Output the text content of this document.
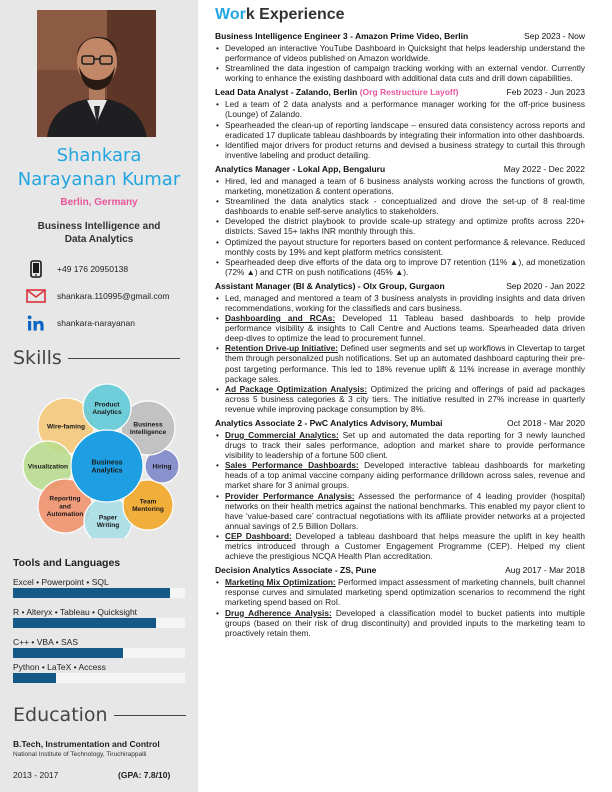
Shankara
Narayanan Kumar
Berlin, Germany
Business Intelligence and
Data Analytics
+49 176 20950138
shankara.110995@gmail.com
shankara-narayanan
Skills
Wire-faming
Visualization
Reporting
and
Automation Paper
Writing
Team
Mentoring
Hiring
Business
Intelligence
Product
Analytics
Business
Analytics
Tools and Languages
Excel • Powerpoint • SQL
R • Alteryx • Tableau • Quicksight
C++ • VBA • SAS
Python • LaTeX • Access
Education
B.Tech, Instrumentation and Control
National Institute of Technology, Tiruchirappalli
2013 - 2017	(GPA: 7.8/10)
Work Experience
Business Intelligence Engineer 3 - Amazon Prime Video, Berlin	Sep 2023 - Now
• Developed an interactive YouTube Dashboard in Quicksight that helps leadership understand the performance of videos published on Amazon worldwide.
• Streamlined the data ingestion of campaign tracking working with an external vendor. Currently working to enhance the existing dashboard with additional data cuts and drill down capabilities.
Lead Data Analyst - Zalando, Berlin (Org Restructure Layoff)	Feb 2023 - Jun 2023
• Led a team of 2 data analysts and a performance manager working for the off-price business (Lounge) of Zalando.
• Spearheaded the clean-up of reporting landscape – ensured data consistency across reports and eradicated 17 duplicate tableau dashboards by integrating their information into other dashboards.
• Identified major drivers for product returns and devised a business strategy to curtail this through inventive labeling and product detailing.
Analytics Manager - Lokal App, Bengaluru	May 2022 - Dec 2022
• Hired, led and managed a team of 6 business analysts working across the functions of growth, marketing, monetization & content operations.
• Streamlined the data analytics stack - conceptualized and drove the set-up of 8 real-time dashboards to enable self-serve analytics to stakeholders.
• Developed the district playbook to provide scale-up strategy and optimize profits across 220+ districts. Saved 15+ lakhs INR monthly through this.
• Optimized the payout structure for reporters based on content performance & relevance. Reduced monthly costs by 19% and kept platform metrics consistent.
• Spearheaded deep dive efforts of the data org to improve D7 retention (11% ▲), ad monetization (72% ▲) and CTR on push notifications (45% ▲).
Assistant Manager (BI & Analytics) - Olx Group, Gurgaon	Sep 2020 - Jan 2022
• Led, managed and mentored a team of 3 business analysts in providing insights and data driven recommendations, working for the classifieds and cars business.
• Dashboarding and RCAs: Developed 11 Tableau based dashboards to help provide performance visibility & insights to Call Centre and Auctions teams. Spearheaded data driven deep-dives to optimize the lead to procurement funnel.
• Retention Drive-up Initiative: Defined user segments and set up workflows in Clevertap to target them through personalized push notifications. Set up an automated dashboard capturing their pre-post targeting performance. This led to 18% revenue uplift & 11% increase in average monthly package sales.
• Ad Package Optimization Analysis: Optimized the pricing and offerings of paid ad packages across 5 business categories & 3 city tiers. The initiative resulted in 27% increase in quarterly revenue while improving package consumption by 8%.
Analytics Associate 2 - PwC Analytics Advisory, Mumbai	Oct 2018 - Mar 2020
• Drug Commercial Analytics: Set up and automated the data reporting for 3 newly launched drugs to track their sales performance, adoption and market share to provide performance visibility to leadership of a fortune 500 client.
• Sales Performance Dashboards: Developed interactive tableau dashboards for marketing heads of a top animal vaccine company aiding performance drilldown across sales, revenue and market share for 3 animal groups.
• Provider Performance Analysis: Assessed the performance of 4 leading provider (hospital) networks on their health metrics against the national benchmarks. This enabled my payor client to have ‘value-based care’ contractual negotiations with its affiliate provider networks at a projected annual savings of 2.5 Billion Dollars.
• CEP Dashboard: Developed a tableau dashboard that helps measure the uplift in key health metrics introduced through a Customer Engagement Programme (CEP). Helped my client achieve the prestigious NCQA Health Plan accreditation.
Decision Analytics Associate - ZS, Pune	Aug 2017 - Mar 2018
• Marketing Mix Optimization: Performed impact assessment of marketing channels, built channel response curves and simulated marketing spend optimization scenarios to recommend the right marketing spend based on RoI.
• Drug Adherence Analysis: Developed a classification model to bucket patients into multiple groups (based on their risk of drug discontinuity) and provided inputs to the marketing team to proactively retain them.
